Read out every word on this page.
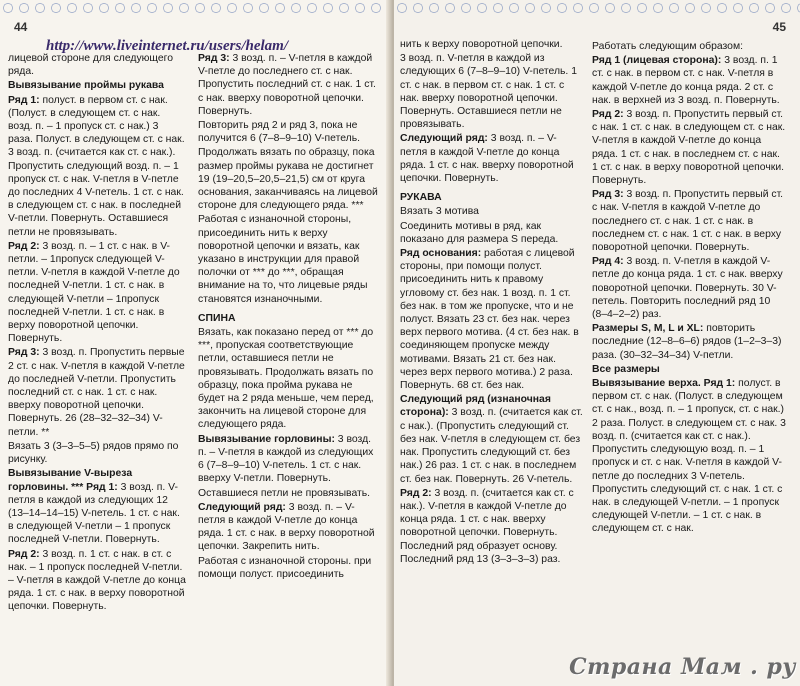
44
http://www.liveinternet.ru/users/helam/

лицевой стороне для следующего ряда.

Вывязывание проймы рукава

Ряд 1: полуст. в первом ст. с нак. (Полуст. в следующем ст. с нак. возд. п. – 1 пропуск ст. с нак.) 3 раза. Полуст. в следующем ст. с нак. 3 возд. п. (считается как ст. с нак.). Пропустить следующий возд. п. – 1 пропуск ст. с нак. V-петля в V-петле до последних 4 V-петель. 1 ст. с нак. в следующем ст. с нак. в последней V-петли. Повернуть. Оставшиеся петли не провязывать.

Ряд 2: 3 возд. п. – 1 ст. с нак. в V-петли. – 1пропуск следующей V-петли. V-петля в каждой V-петле до последней V-петли. 1 ст. с нак. в следующей V-петли – 1пропуск последней V-петли. 1 ст. с нак. в верху поворотной цепочки. Повернуть.

Ряд 3: 3 возд. п. Пропустить первые 2 ст. с нак. V-петля в каждой V-петле до последней V-петли. Пропустить последний ст. с нак. 1 ст. с нак. вверху поворотной цепочки. Повернуть. 26 (28–32–32–34) V-петли. **

Вязать 3 (3–3–5–5) рядов прямо по рисунку.

Вывязывание V-выреза горловины. *** Ряд 1: 3 возд. п. V-петля в каждой из следующих 12 (13–14–14–15) V-петель. 1 ст. с нак. в следующей V-петли – 1 пропуск последней V-петли. Повернуть.

Ряд 2: 3 возд. п. 1 ст. с нак. в ст. с нак. – 1 пропуск последней V-петли. – V-петля в каждой V-петле до конца ряда. 1 ст. с нак. в верху поворотной цепочки. Повернуть.

Ряд 3: 3 возд. п. – V-петля в каждой V-петле до последнего ст. с нак. Пропустить последний ст. с нак. 1 ст. с нак. вверху поворотной цепочки. Повернуть.

Повторить ряд 2 и ряд 3, пока не получится 6 (7–8–9–10) V-петель.

Продолжать вязать по образцу, пока размер проймы рукава не достигнет 19 (19–20,5–20,5–21,5) см от круга основания, заканчиваясь на лицевой стороне для следующего ряда. ***

Работая с изнаночной стороны, присоединить нить к верху поворотной цепочки и вязать, как указано в инструкции для правой полочки от *** до ***, обращая внимание на то, что лицевые ряды становятся изнаночными.

СПИНА

Вязать, как показано перед от *** до ***, пропуская соответствующие петли, оставшиеся петли не провязывать. Продолжать вязать по образцу, пока пройма рукава не будет на 2 ряда меньше, чем перед, закончить на лицевой стороне для следующего ряда.

Вывязывание горловины: 3 возд. п. – V-петля в каждой из следующих 6 (7–8–9–10) V-петель. 1 ст. с нак. вверху V-петли. Повернуть.

Оставшиеся петли не провязывать.

Следующий ряд: 3 возд. п. – V-петля в каждой V-петле до конца ряда. 1 ст. с нак. в верху поворотной цепочки. Закрепить нить.

Работая с изнаночной стороны. при помощи полуст. присоединить

45

нить к верху поворотной цепочки.

3 возд. п. V-петля в каждой из следующих 6 (7–8–9–10) V-петель. 1 ст. с нак. в первом ст. с нак. 1 ст. с нак. вверху поворотной цепочки. Повернуть. Оставшиеся петли не провязывать.

Следующий ряд: 3 возд. п. – V-петля в каждой V-петле до конца ряда. 1 ст. с нак. вверху поворотной цепочки. Повернуть.

РУКАВА

Вязать 3 мотива

Соединить мотивы в ряд, как показано для размера S переда.

Ряд основания: работая с лицевой стороны, при помощи полуст. присоединить нить к правому угловому ст. без нак. 1 возд. п. 1 ст. без нак. в том же пропуске, что и не полуст. Вязать 23 ст. без нак. через верх первого мотива. (4 ст. без нак. в соединяющем пропуске между мотивами. Вязать 21 ст. без нак. через верх первого мотива.) 2 раза. Повернуть. 68 ст. без нак.

Следующий ряд (изнаночная сторона): 3 возд. п. (считается как ст. с нак.). (Пропустить следующий ст. без нак. V-петля в следующем ст. без нак. Пропустить следующий ст. без нак.) 26 раз. 1 ст. с нак. в последнем ст. без нак. Повернуть. 26 V-петель.

Ряд 2: 3 возд. п. (считается как ст. с нак.). V-петля в каждой V-петле до конца ряда. 1 ст. с нак. вверху поворотной цепочки. Повернуть. Последний ряд образует основу. Последний ряд 13 (3–3–3–3) раз.

Работать следующим образом:

Ряд 1 (лицевая сторона): 3 возд. п. 1 ст. с нак. в первом ст. с нак. V-петля в каждой V-петле до конца ряда. 2 ст. с нак. в верхней из 3 возд. п. Повернуть.

Ряд 2: 3 возд. п. Пропустить первый ст. с нак. 1 ст. с нак. в следующем ст. с нак. V-петля в каждой V-петле до конца ряда. 1 ст. с нак. в последнем ст. с нак. 1 ст. с нак. в верху поворотной цепочки. Повернуть.

Ряд 3: 3 возд. п. Пропустить первый ст. с нак. V-петля в каждой V-петле до последнего ст. с нак. 1 ст. с нак. в последнем ст. с нак. 1 ст. с нак. в верху поворотной цепочки. Повернуть.

Ряд 4: 3 возд. п. V-петля в каждой V-петле до конца ряда. 1 ст. с нак. вверху поворотной цепочки. Повернуть. 30 V-петель. Повторить последний ряд 10 (8–4–2–2) раз.

Размеры S, M, L и XL: повторить последние (12–8–6–6) рядов (1–2–3–3) раза. (30–32–34–34) V-петли.

Все размеры

Вывязывание верха. Ряд 1: полуст. в первом ст. с нак. (Полуст. в следующем ст. с нак., возд. п. – 1 пропуск, ст. с нак.) 2 раза. Полуст. в следующем ст. с нак. 3 возд. п. (считается как ст. с нак.). Пропустить следующую возд. п. – 1 пропуск и ст. с нак. V-петля в каждой V-петле до последних 3 V-петель. Пропустить следующий ст. с нак. 1 ст. с нак. в следующей V-петли. – 1 пропуск следующей V-петли. – 1 ст. с нак. в следующем ст. с нак.

Страна Мам . ру
